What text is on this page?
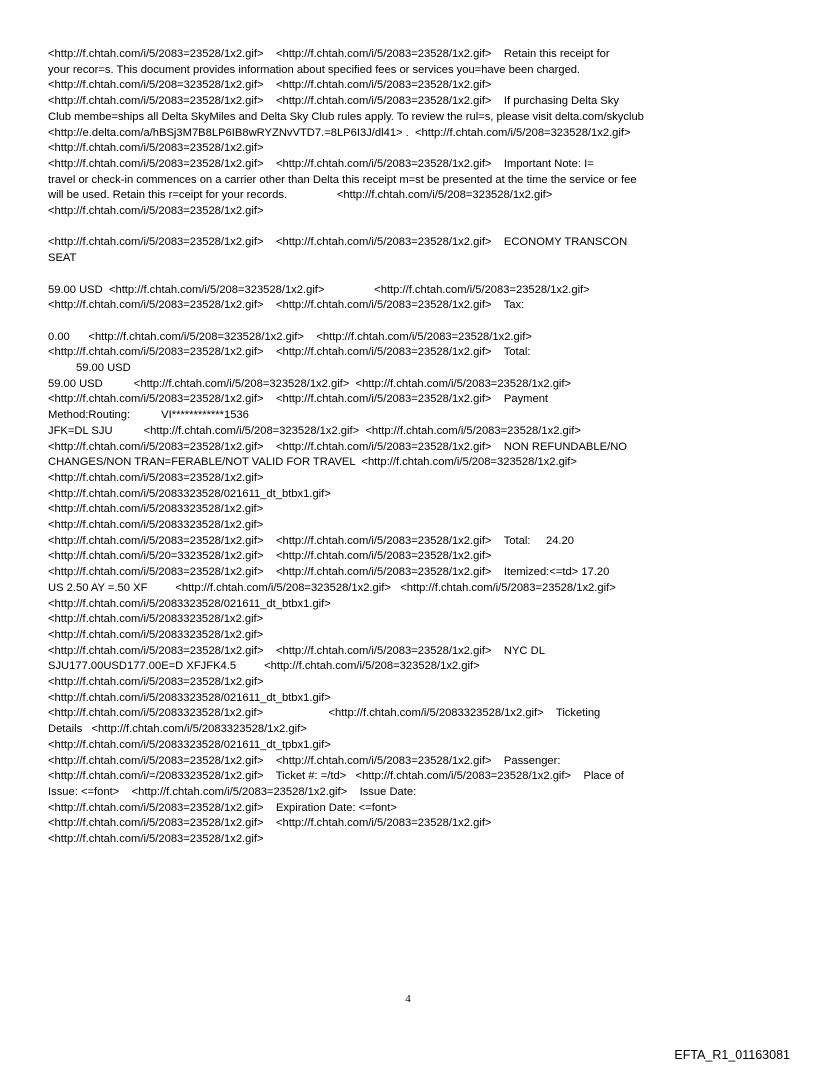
<http://f.chtah.com/i/5/2083=23528/1x2.gif>    <http://f.chtah.com/i/5/2083=23528/1x2.gif>    Retain this receipt for
your recor=s. This document provides information about specified fees or services you=have been charged.
<http://f.chtah.com/i/5/208=323528/1x2.gif>    <http://f.chtah.com/i/5/2083=23528/1x2.gif>
<http://f.chtah.com/i/5/2083=23528/1x2.gif>    <http://f.chtah.com/i/5/2083=23528/1x2.gif>    If purchasing Delta Sky
Club membe=ships all Delta SkyMiles and Delta Sky Club rules apply. To review the rul=s, please visit delta.com/skyclub
<http://e.delta.com/a/hBSj3M7B8LP6IB8wRYZNvVTD7.=8LP6I3J/dl41> .  <http://f.chtah.com/i/5/208=323528/1x2.gif>
<http://f.chtah.com/i/5/2083=23528/1x2.gif>
<http://f.chtah.com/i/5/2083=23528/1x2.gif>    <http://f.chtah.com/i/5/2083=23528/1x2.gif>    Important Note: I=
travel or check-in commences on a carrier other than Delta this receipt m=st be presented at the time the service or fee
will be used. Retain this r=ceipt for your records.                <http://f.chtah.com/i/5/208=323528/1x2.gif>
<http://f.chtah.com/i/5/2083=23528/1x2.gif>
<http://f.chtah.com/i/5/2083=23528/1x2.gif>    <http://f.chtah.com/i/5/2083=23528/1x2.gif>    ECONOMY TRANSCON
SEAT
59.00 USD  <http://f.chtah.com/i/5/208=323528/1x2.gif>                <http://f.chtah.com/i/5/2083=23528/1x2.gif>
<http://f.chtah.com/i/5/2083=23528/1x2.gif>    <http://f.chtah.com/i/5/2083=23528/1x2.gif>    Tax:
0.00      <http://f.chtah.com/i/5/208=323528/1x2.gif>    <http://f.chtah.com/i/5/2083=23528/1x2.gif>
<http://f.chtah.com/i/5/2083=23528/1x2.gif>    <http://f.chtah.com/i/5/2083=23528/1x2.gif>    Total:
59.00 USD
59.00 USD          <http://f.chtah.com/i/5/208=323528/1x2.gif>  <http://f.chtah.com/i/5/2083=23528/1x2.gif>
<http://f.chtah.com/i/5/2083=23528/1x2.gif>    <http://f.chtah.com/i/5/2083=23528/1x2.gif>    Payment
Method:Routing:          VI************1536
JFK=DL SJU          <http://f.chtah.com/i/5/208=323528/1x2.gif>  <http://f.chtah.com/i/5/2083=23528/1x2.gif>
<http://f.chtah.com/i/5/2083=23528/1x2.gif>    <http://f.chtah.com/i/5/2083=23528/1x2.gif>    NON REFUNDABLE/NO
CHANGES/NON TRAN=FERABLE/NOT VALID FOR TRAVEL  <http://f.chtah.com/i/5/208=323528/1x2.gif>
<http://f.chtah.com/i/5/2083=23528/1x2.gif>
<http://f.chtah.com/i/5/2083323528/021611_dt_btbx1.gif>
<http://f.chtah.com/i/5/2083323528/1x2.gif>
<http://f.chtah.com/i/5/2083323528/1x2.gif>
<http://f.chtah.com/i/5/2083=23528/1x2.gif>    <http://f.chtah.com/i/5/2083=23528/1x2.gif>    Total:     24.20
<http://f.chtah.com/i/5/20=3323528/1x2.gif>    <http://f.chtah.com/i/5/2083=23528/1x2.gif>
<http://f.chtah.com/i/5/2083=23528/1x2.gif>    <http://f.chtah.com/i/5/2083=23528/1x2.gif>    Itemized:<=td> 17.20
US 2.50 AY =.50 XF         <http://f.chtah.com/i/5/208=323528/1x2.gif>   <http://f.chtah.com/i/5/2083=23528/1x2.gif>
<http://f.chtah.com/i/5/2083323528/021611_dt_btbx1.gif>
<http://f.chtah.com/i/5/2083323528/1x2.gif>
<http://f.chtah.com/i/5/2083323528/1x2.gif>
<http://f.chtah.com/i/5/2083=23528/1x2.gif>    <http://f.chtah.com/i/5/2083=23528/1x2.gif>    NYC DL
SJU177.00USD177.00E=D XFJFK4.5         <http://f.chtah.com/i/5/208=323528/1x2.gif>
<http://f.chtah.com/i/5/2083=23528/1x2.gif>
<http://f.chtah.com/i/5/2083323528/021611_dt_btbx1.gif>
<http://f.chtah.com/i/5/2083323528/1x2.gif>                     <http://f.chtah.com/i/5/2083323528/1x2.gif>    Ticketing
Details   <http://f.chtah.com/i/5/2083323528/1x2.gif>
<http://f.chtah.com/i/5/2083323528/021611_dt_tpbx1.gif>
<http://f.chtah.com/i/5/2083=23528/1x2.gif>    <http://f.chtah.com/i/5/2083=23528/1x2.gif>    Passenger:
<http://f.chtah.com/i/=/2083323528/1x2.gif>    Ticket #: =/td>   <http://f.chtah.com/i/5/2083=23528/1x2.gif>    Place of
Issue: <=font>    <http://f.chtah.com/i/5/2083=23528/1x2.gif>    Issue Date:
<http://f.chtah.com/i/5/2083=23528/1x2.gif>    Expiration Date: <=font>
<http://f.chtah.com/i/5/2083=23528/1x2.gif>    <http://f.chtah.com/i/5/2083=23528/1x2.gif>
<http://f.chtah.com/i/5/2083=23528/1x2.gif>
4
EFTA_R1_01163081
